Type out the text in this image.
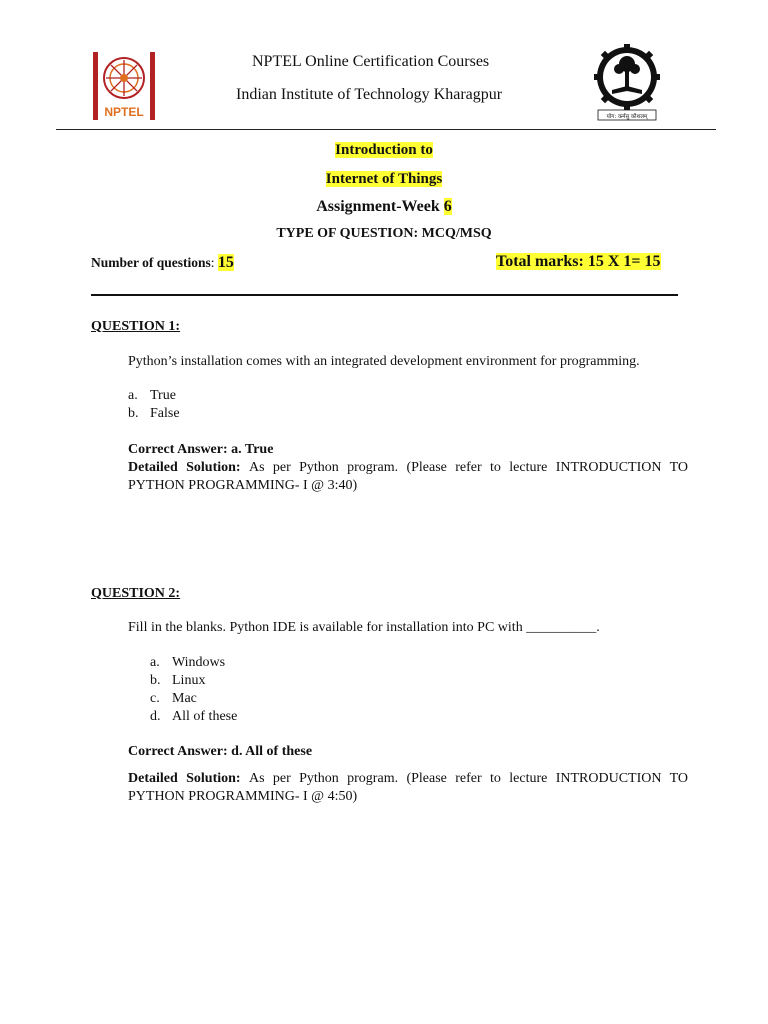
NPTEL	योग: कर्मसु कौशलम्
NPTEL Online Certification Courses
Indian Institute of Technology Kharagpur
Introduction to
Internet of Things
Assignment-Week 6
TYPE OF QUESTION: MCQ/MSQ
Number of questions: 15	Total marks: 15 X 1= 15
QUESTION 1:
Python’s installation comes with an integrated development environment for programming.
a. True
b. False
Correct Answer: a. True
Detailed Solution: As per Python program. (Please refer to lecture INTRODUCTION TO PYTHON PROGRAMMING- I @ 3:40)
QUESTION 2:
Fill in the blanks. Python IDE is available for installation into PC with __________.
a. Windows
b. Linux
c. Mac
d. All of these
Correct Answer: d. All of these
Detailed Solution: As per Python program. (Please refer to lecture INTRODUCTION TO PYTHON PROGRAMMING- I @ 4:50)
